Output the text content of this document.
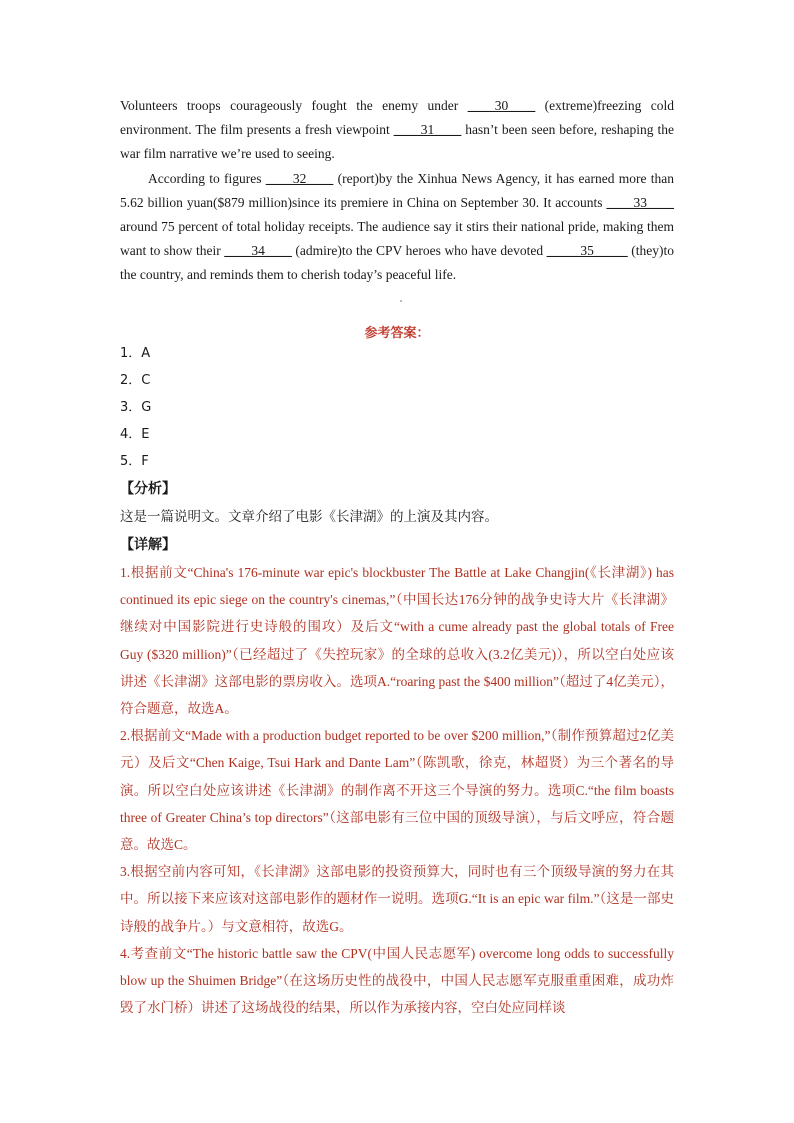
Volunteers troops courageously fought the enemy under ____30____ (extreme)freezing cold environment. The film presents a fresh viewpoint ____31____ hasn’t been seen before, reshaping the war film narrative we’re used to seeing.

According to figures ____32____ (report)by the Xinhua News Agency, it has earned more than 5.62 billion yuan($879 million)since its premiere in China on September 30. It accounts ____33____ around 75 percent of total holiday receipts. The audience say it stirs their national pride, making them want to show their ____34____ (admire)to the CPV heroes who have devoted _____35_____ (they)to the country, and reminds them to cherish today’s peaceful life.

参考答案：
1．A
2．C
3．G
4．E
5．F
【分析】
这是一篇说明文。文章介绍了电影《长津湖》的上演及其内容。
【详解】

1.根据前文“China's 176-minute war epic's blockbuster The Battle at Lake Changjin(《长津湖》) has continued its epic siege on the country's cinemas,”（中国长达176分钟的战争史诗大片《长津湖》继续对中国影院进行史诗般的围攻）及后文“with a cume already past the global totals of Free Guy ($320 million)”（已经超过了《失控玩家》的全球的总收入(3.2亿美元)），所以空白处应该讲述《长津湖》这部电影的票房收入。选项A.“roaring past the $400 million”（超过了4亿美元），符合题意，故选A。

2.根据前文“Made with a production budget reported to be over $200 million,”（制作预算超过2亿美元）及后文“Chen Kaige, Tsui Hark and Dante Lam”（陈凯歌，徐克，林超贤）为三个著名的导演。所以空白处应该讲述《长津湖》的制作离不开这三个导演的努力。选项C.“the film boasts three of Greater China’s top directors”（这部电影有三位中国的顶级导演），与后文呼应，符合题意。故选C。

3.根据空前内容可知，《长津湖》这部电影的投资预算大，同时也有三个顶级导演的努力在其中。所以接下来应该对这部电影作的题材作一说明。选项G.“It is an epic war film.”（这是一部史诗般的战争片。）与文意相符，故选G。

4.考查前文“The historic battle saw the CPV(中国人民志愿军) overcome long odds to successfully blow up the Shuimen Bridge”（在这场历史性的战役中，中国人民志愿军克服重重困难，成功炸毁了水门桥）讲述了这场战役的结果，所以作为承接内容，空白处应同样谈
